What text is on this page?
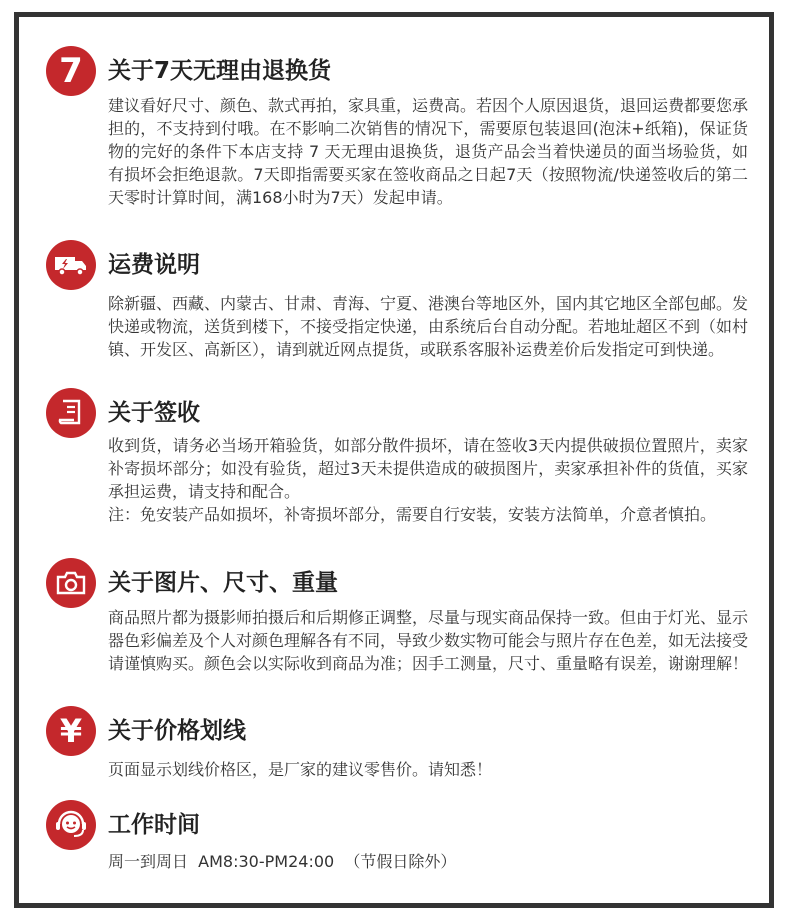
7 关于7天无理由退换货
建议看好尺寸、颜色、款式再拍，家具重，运费高。若因个人原因退货，退回运费都要您承担的，不支持到付哦。在不影响二次销售的情况下，需要原包装退回(泡沫+纸箱)，保证货物的完好的条件下本店支持 7 天无理由退换货，退货产品会当着快递员的面当场验货，如有损坏会拒绝退款。7天即指需要买家在签收商品之日起7天（按照物流/快递签收后的第二天零时计算时间，满168小时为7天）发起申请。
运费说明
除新疆、西藏、内蒙古、甘肃、青海、宁夏、港澳台等地区外，国内其它地区全部包邮。发快递或物流，送货到楼下，不接受指定快递，由系统后台自动分配。若地址超区不到（如村镇、开发区、高新区），请到就近网点提货，或联系客服补运费差价后发指定可到快递。
关于签收
收到货，请务必当场开箱验货，如部分散件损坏，请在签收3天内提供破损位置照片，卖家补寄损坏部分；如没有验货，超过3天未提供造成的破损图片，卖家承担补件的货值，买家承担运费，请支持和配合。
注：免安装产品如损坏，补寄损坏部分，需要自行安装，安装方法简单，介意者慎拍。
关于图片、尺寸、重量
商品照片都为摄影师拍摄后和后期修正调整，尽量与现实商品保持一致。但由于灯光、显示器色彩偏差及个人对颜色理解各有不同，导致少数实物可能会与照片存在色差，如无法接受请谨慎购买。颜色会以实际收到商品为准；因手工测量，尺寸、重量略有误差，谢谢理解！
¥ 关于价格划线
页面显示划线价格区，是厂家的建议零售价。请知悉！
工作时间
周一到周日  AM8:30-PM24:00  （节假日除外）
